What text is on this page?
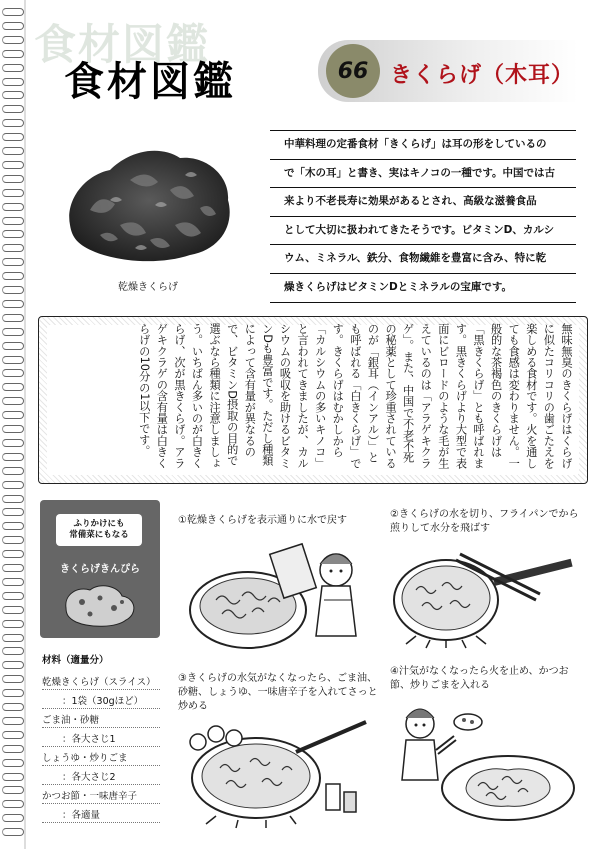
食材図鑑
食材図鑑	66 きくらげ（木耳）
乾燥きくらげ
中華料理の定番食材「きくらげ」は耳の形をしているの
で「木の耳」と書き、実はキノコの一種です。中国では古
来より不老長寿に効果があるとされ、高級な滋養食品
として大切に扱われてきたそうです。ビタミンD、カルシ
ウム、ミネラル、鉄分、食物繊維を豊富に含み、特に乾
燥きくらげはビタミンDとミネラルの宝庫です。
無味無臭のきくらげはくらげに似たコリコリの歯ごたえを楽しめる食材です。火を通しても食感は変わりません。一般的な茶褐色のきくらげは「黒きくらげ」とも呼ばれます。黒きくらげより大型で表面にビロードのような毛が生えているのは「アラゲキクラゲ」。また、中国で不老不死の秘薬として珍重されているのが「銀耳（インアル）」とも呼ばれる「白きくらげ」です。きくらげはむかしから「カルシウムの多いキノコ」と言われてきましたが、カルシウムの吸収を助けるビタミンDも豊富です。ただし種類によって含有量が異なるので、ビタミンD摂取の目的で選ぶなら種類に注意しましょう。いちばん多いのが白きくらげ、次が黒きくらげ。アラゲキクラゲの含有量は白きくらげの10分の1以下です。
ふりかけにも
常備菜にもなる
きくらげきんぴら
材料（適量分）
乾燥きくらげ（スライス）
：1袋（30gほど）
ごま油・砂糖
：各大さじ1
しょうゆ・炒りごま
：各大さじ2
かつお節・一味唐辛子
：各適量
①乾燥きくらげを表示通りに水で戻す
②きくらげの水を切り、フライパンでから煎りして水分を飛ばす
③きくらげの水気がなくなったら、ごま油、砂糖、しょうゆ、一味唐辛子を入れてさっと炒める
④汁気がなくなったら火を止め、かつお節、炒りごまを入れる
